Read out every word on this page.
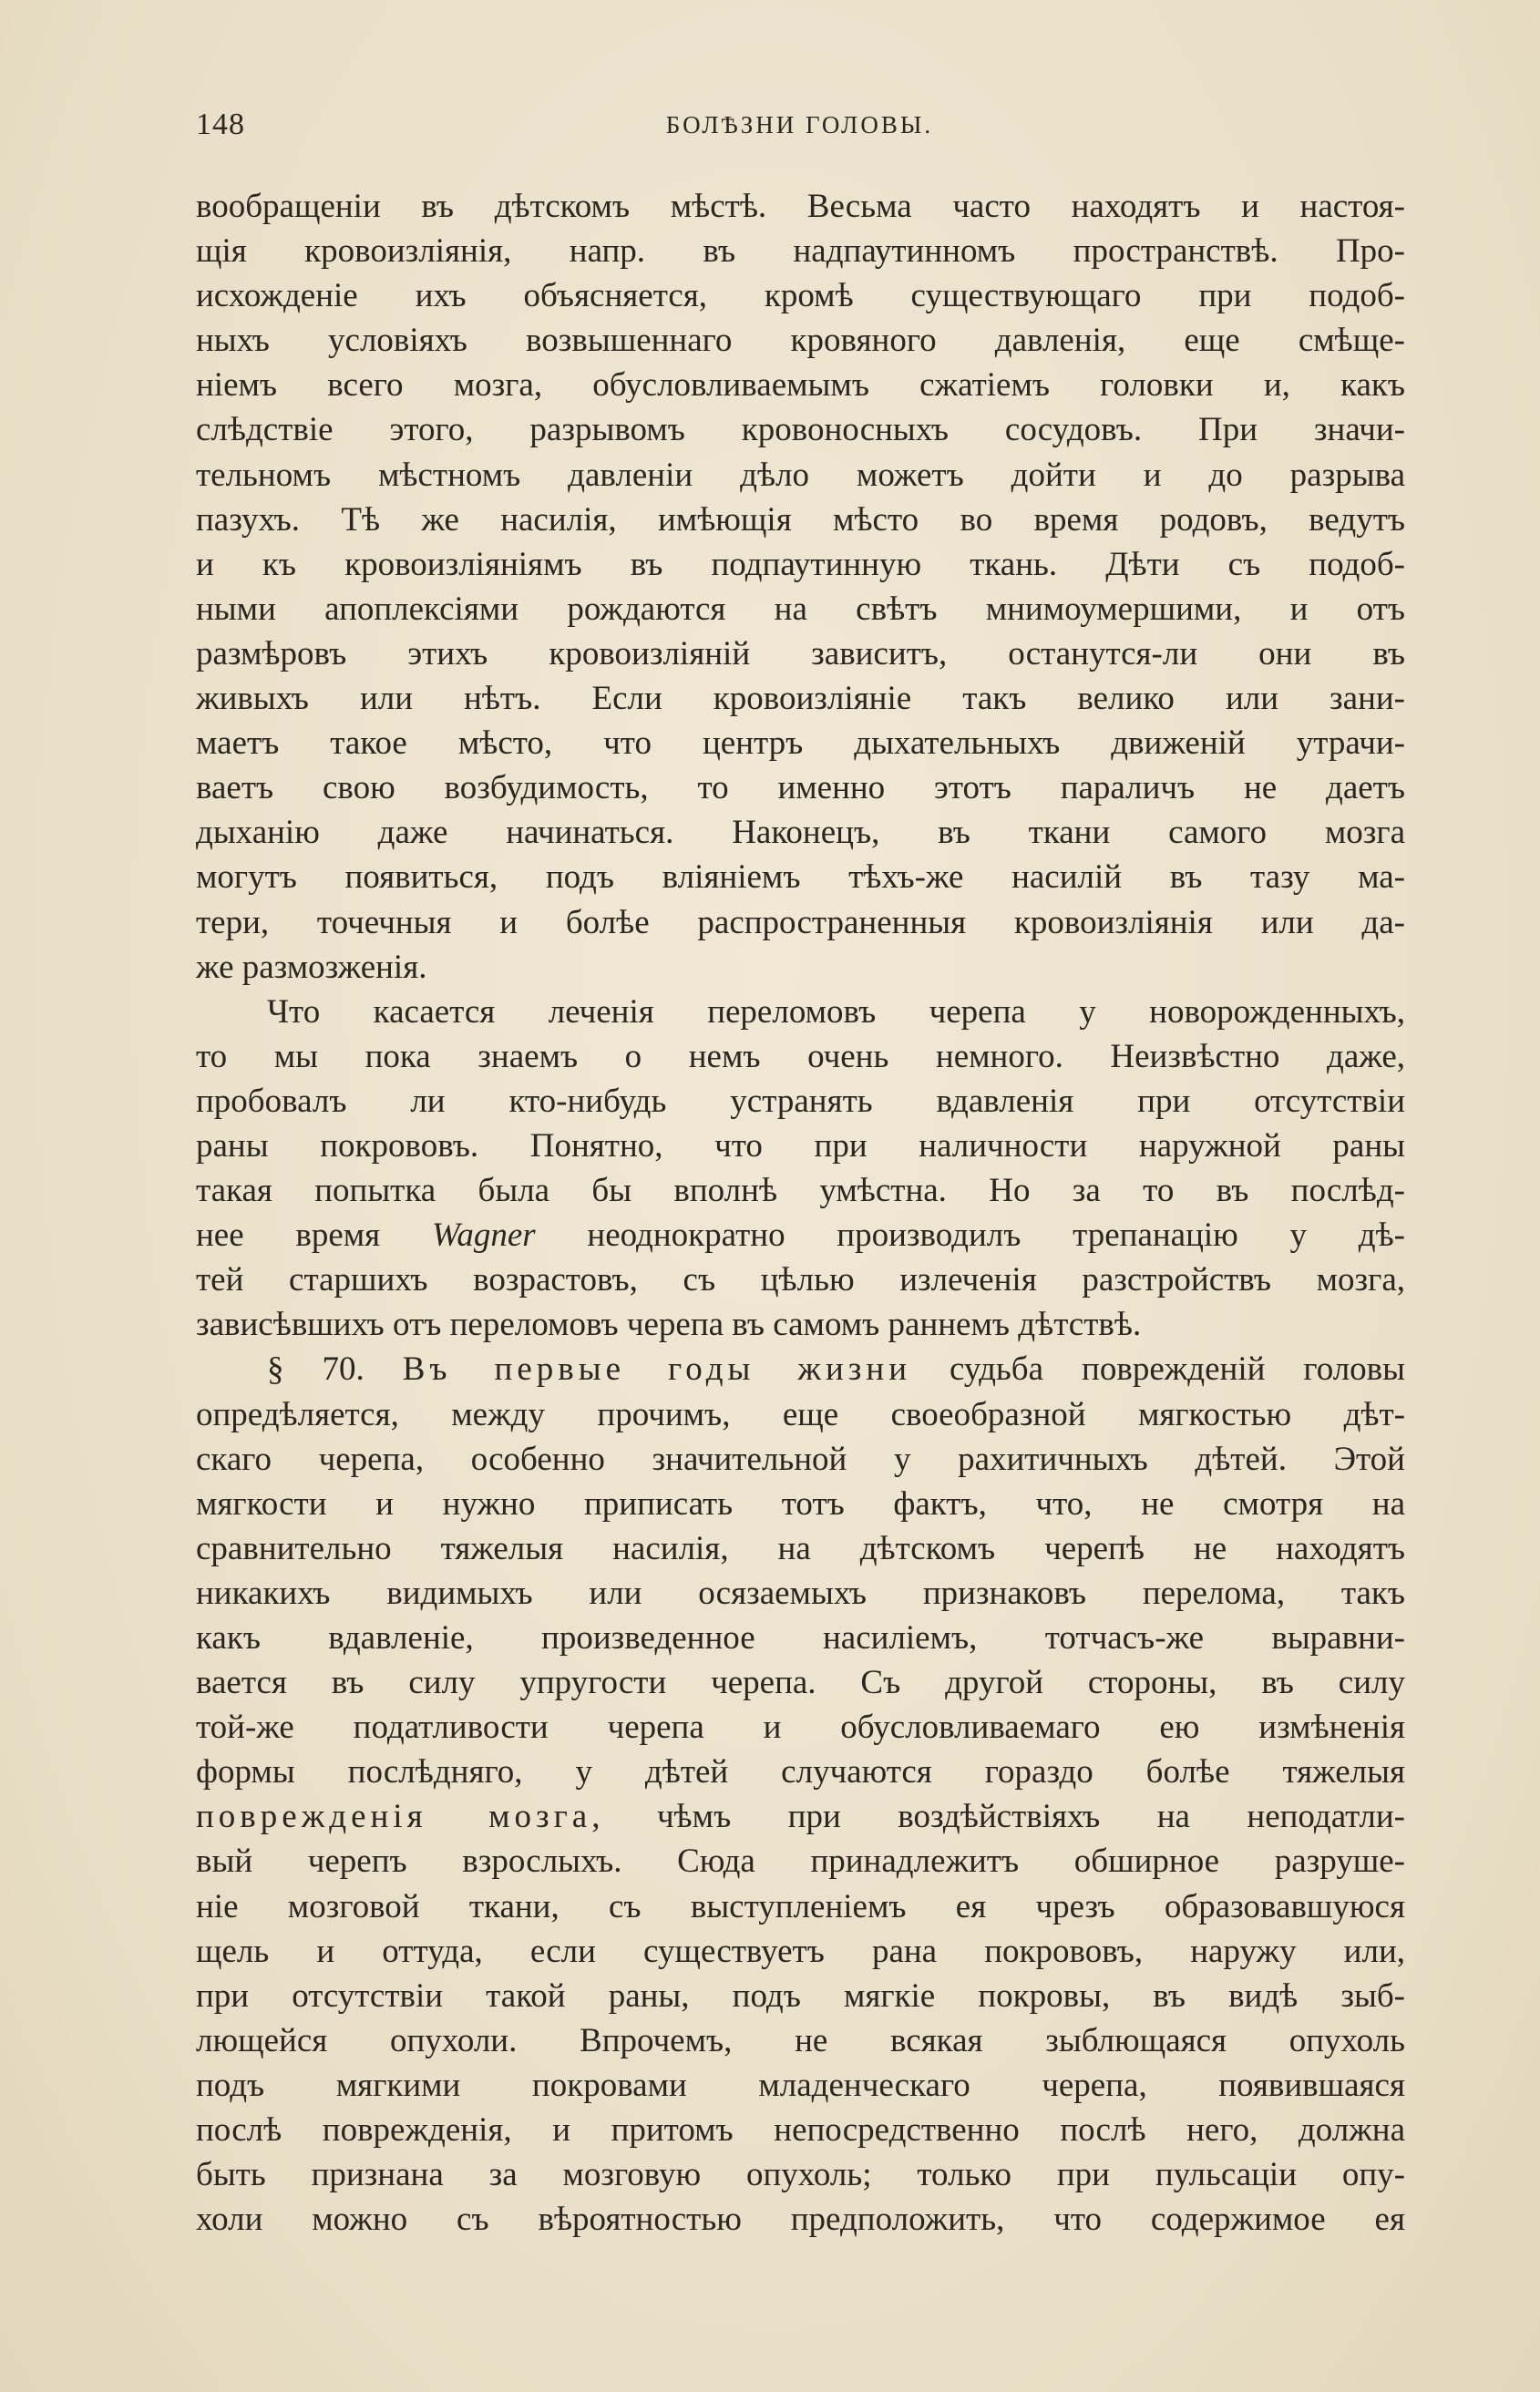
148	БОЛѢЗНИ ГОЛОВЫ.
вообращенiи въ дѣтскомъ мѣстѣ. Весьма часто находятъ и настоя-
щiя кровоизлiянiя, напр. въ надпаутинномъ пространствѣ. Про-
исхожденiе ихъ объясняется, кромѣ существующаго при подоб-
ныхъ условiяхъ возвышеннаго кровяного давленiя, еще смѣще-
нiемъ всего мозга, обусловливаемымъ сжатiемъ головки и, какъ
слѣдствiе этого, разрывомъ кровоносныхъ сосудовъ. При значи-
тельномъ мѣстномъ давленiи дѣло можетъ дойти и до разрыва
пазухъ. Тѣ же насилiя, имѣющiя мѣсто во время родовъ, ведутъ
и къ кровоизлiянiямъ въ подпаутинную ткань. Дѣти съ подоб-
ными апоплексiями рождаются на свѣтъ мнимоумершими, и отъ
размѣровъ этихъ кровоизлiянiй зависитъ, останутся-ли они въ
живыхъ или нѣтъ. Если кровоизлiянiе такъ велико или зани-
маетъ такое мѣсто, что центръ дыхательныхъ движенiй утрачи-
ваетъ свою возбудимость, то именно этотъ параличъ не даетъ
дыханiю даже начинаться. Наконецъ, въ ткани самого мозга
могутъ появиться, подъ влiянiемъ тѣхъ-же насилiй въ тазу ма-
тери, точечныя и болѣе распространенныя кровоизлiянiя или да-
же размозженiя.
Что касается леченiя переломовъ черепа у новорожденныхъ,
то мы пока знаемъ о немъ очень немного. Неизвѣстно даже,
пробовалъ ли кто-нибудь устранять вдавленiя при отсутствiи
раны покрововъ. Понятно, что при наличности наружной раны
такая попытка была бы вполнѣ умѣстна. Но за то въ послѣд-
нее время Wagner неоднократно производилъ трепанацiю у дѣ-
тей старшихъ возрастовъ, съ цѣлью излеченiя разстройствъ мозга,
зависѣвшихъ отъ переломовъ черепа въ самомъ раннемъ дѣтствѣ.
§ 70. Въ первые годы жизни судьба поврежденiй головы
опредѣляется, между прочимъ, еще своеобразной мягкостью дѣт-
скаго черепа, особенно значительной у рахитичныхъ дѣтей. Этой
мягкости и нужно приписать тотъ фактъ, что, не смотря на
сравнительно тяжелыя насилiя, на дѣтскомъ черепѣ не находятъ
никакихъ видимыхъ или осязаемыхъ признаковъ перелома, такъ
какъ вдавленiе, произведенное насилiемъ, тотчасъ-же выравни-
вается въ силу упругости черепа. Съ другой стороны, въ силу
той-же податливости черепа и обусловливаемаго ею измѣненiя
формы послѣдняго, у дѣтей случаются гораздо болѣе тяжелыя
поврежденiя мозга, чѣмъ при воздѣйствiяхъ на неподатли-
вый черепъ взрослыхъ. Сюда принадлежитъ обширное разруше-
нiе мозговой ткани, съ выступленiемъ ея чрезъ образовавшуюся
щель и оттуда, если существуетъ рана покрововъ, наружу или,
при отсутствiи такой раны, подъ мягкiе покровы, въ видѣ зыб-
лющейся опухоли. Впрочемъ, не всякая зыблющаяся опухоль
подъ мягкими покровами младенческаго черепа, появившаяся
послѣ поврежденiя, и притомъ непосредственно послѣ него, должна
быть признана за мозговую опухоль; только при пульсацiи опу-
холи можно съ вѣроятностью предположить, что содержимое ея
